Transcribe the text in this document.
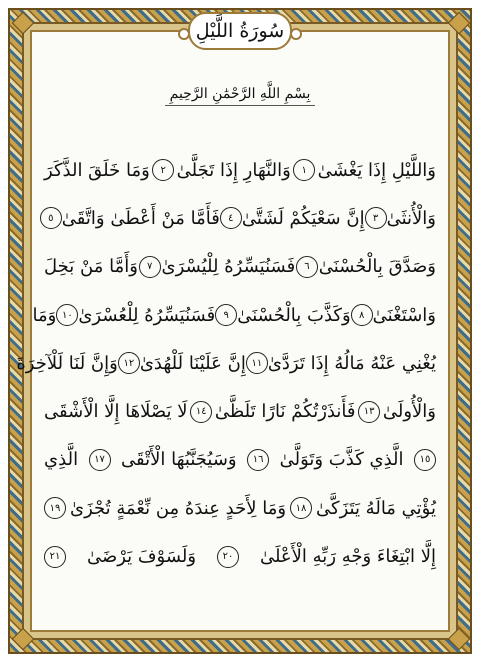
سُورَةُ اللَّيْلِ
بِسْمِ اللَّهِ الرَّحْمَٰنِ الرَّحِيمِ
وَاللَّيْلِ إِذَا يَغْشَىٰ
١
وَالنَّهَارِ إِذَا تَجَلَّىٰ
٢
وَمَا خَلَقَ الذَّكَرَ
وَالْأُنثَىٰ
٣
إِنَّ سَعْيَكُمْ لَشَتَّىٰ
٤
فَأَمَّا مَنْ أَعْطَىٰ وَاتَّقَىٰ
٥
وَصَدَّقَ بِالْحُسْنَىٰ
٦
فَسَنُيَسِّرُهُ لِلْيُسْرَىٰ
٧
وَأَمَّا مَنْ بَخِلَ
وَاسْتَغْنَىٰ
٨
وَكَذَّبَ بِالْحُسْنَىٰ
٩
فَسَنُيَسِّرُهُ لِلْعُسْرَىٰ
١٠
وَمَا
يُغْنِي عَنْهُ مَالُهُ إِذَا تَرَدَّىٰ
١١
إِنَّ عَلَيْنَا لَلْهُدَىٰ
١٢
وَإِنَّ لَنَا لَلْآخِرَةَ
وَالْأُولَىٰ
١٣
فَأَنذَرْتُكُمْ نَارًا تَلَظَّىٰ
١٤
لَا يَصْلَاهَا إِلَّا الْأَشْقَى
١٥
الَّذِي كَذَّبَ وَتَوَلَّىٰ
١٦
وَسَيُجَنَّبُهَا الْأَتْقَى
١٧
الَّذِي
يُؤْتِي مَالَهُ يَتَزَكَّىٰ
١٨
وَمَا لِأَحَدٍ عِندَهُ مِن نِّعْمَةٍ تُجْزَىٰ
١٩
إِلَّا ابْتِغَاءَ وَجْهِ رَبِّهِ الْأَعْلَىٰ
٢٠
وَلَسَوْفَ يَرْضَىٰ
٢١
